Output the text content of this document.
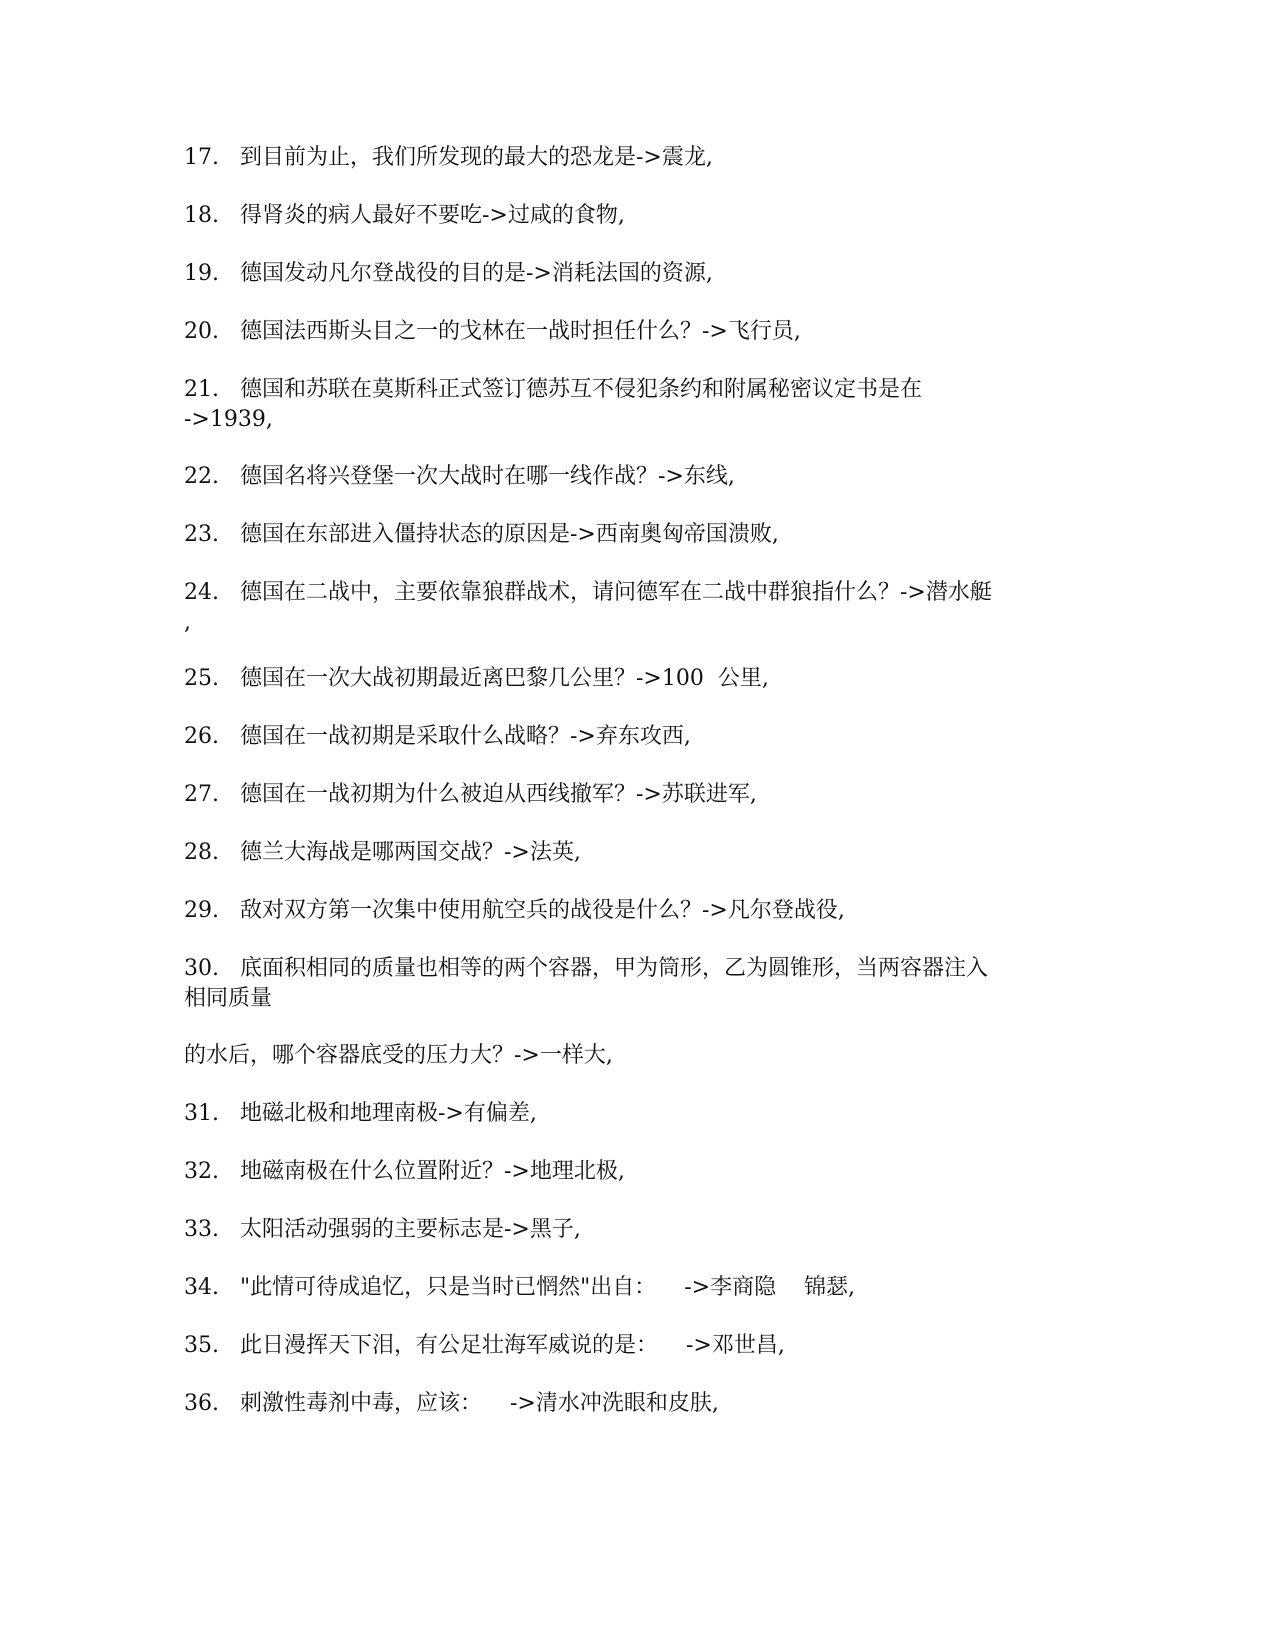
17. 到目前为止，我们所发现的最大的恐龙是->震龙,
18. 得肾炎的病人最好不要吃->过咸的食物,
19. 德国发动凡尔登战役的目的是->消耗法国的资源,
20. 德国法西斯头目之一的戈林在一战时担任什么？->飞行员,
21. 德国和苏联在莫斯科正式签订德苏互不侵犯条约和附属秘密议定书是在
->1939,
22. 德国名将兴登堡一次大战时在哪一线作战？->东线,
23. 德国在东部进入僵持状态的原因是->西南奥匈帝国溃败,
24. 德国在二战中，主要依靠狼群战术，请问德军在二战中群狼指什么？->潜水艇
,
25. 德国在一次大战初期最近离巴黎几公里？->100  公里,
26. 德国在一战初期是采取什么战略？->弃东攻西,
27. 德国在一战初期为什么被迫从西线撤军？->苏联进军,
28. 德兰大海战是哪两国交战？->法英,
29. 敌对双方第一次集中使用航空兵的战役是什么？->凡尔登战役,
30. 底面积相同的质量也相等的两个容器，甲为筒形，乙为圆锥形，当两容器注入
相同质量
的水后，哪个容器底受的压力大？->一样大,
31. 地磁北极和地理南极->有偏差,
32. 地磁南极在什么位置附近？->地理北极,
33. 太阳活动强弱的主要标志是->黑子,
34. "此情可待成追忆，只是当时已惘然"出自：    ->李商隐    锦瑟,
35. 此日漫挥天下泪，有公足壮海军威说的是：    ->邓世昌,
36. 刺激性毒剂中毒，应该：    ->清水冲洗眼和皮肤,
